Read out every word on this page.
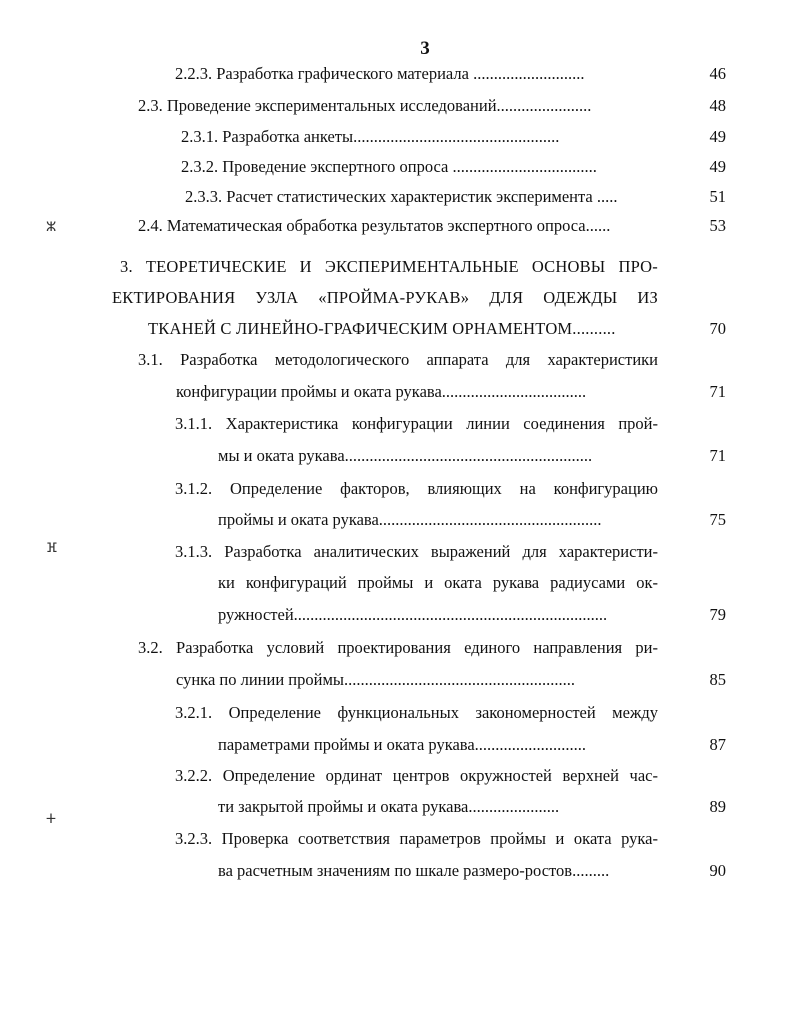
3
2.2.3. Разработка графического материала ...........................	46
2.3. Проведение экспериментальных исследований.......................	48
2.3.1. Разработка анкеты..................................................	49
2.3.2. Проведение экспертного опроса ...................................	49
2.3.3. Расчет статистических характеристик эксперимента .....	51
2.4. Математическая обработка результатов экспертного опроса......	53
3. ТЕОРЕТИЧЕСКИЕ И ЭКСПЕРИМЕНТАЛЬНЫЕ ОСНОВЫ ПРО-
ЕКТИРОВАНИЯ УЗЛА «ПРОЙМА-РУКАВ» ДЛЯ ОДЕЖДЫ ИЗ
ТКАНЕЙ С ЛИНЕЙНО-ГРАФИЧЕСКИМ ОРНАМЕНТОМ..........	70
3.1. Разработка методологического аппарата для характеристики
конфигурации проймы и оката рукава...................................	71
3.1.1. Характеристика конфигурации линии соединения прой-
мы и оката рукава............................................................	71
3.1.2. Определение факторов, влияющих на конфигурацию
проймы и оката рукава......................................................	75
3.1.3. Разработка аналитических выражений для характеристи-
ки конфигураций проймы и оката рукава радиусами ок-
ружностей............................................................................	79
3.2. Разработка условий проектирования единого направления ри-
сунка по линии проймы........................................................	85
3.2.1. Определение функциональных закономерностей между
параметрами проймы и оката рукава...........................	87
3.2.2. Определение ординат центров окружностей верхней час-
ти закрытой проймы и оката рукава......................	89
3.2.3. Проверка соответствия параметров проймы и оката рука-
ва расчетным значениям по шкале размеро-ростов.........	90
ⵣ
ⴼ
ⵜ
